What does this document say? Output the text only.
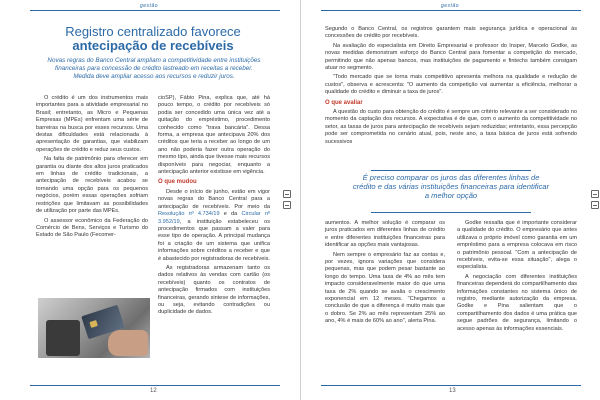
gestão
Registro centralizado favorece
antecipação de recebíveis
Novas regras do Banco Central ampliam a competitividade entre instituições financeiras para concessão de crédito lastreado em receitas a receber. Medida deve ampliar acesso aos recursos e reduzir juros.

O crédito é um dos instrumentos mais importantes para a atividade empresarial no Brasil; entretanto, as Micro e Pequenas Empresas (MPEs) enfrentam uma série de barreiras na busca por esses recursos. Uma destas dificuldades está relacionada à apresentação de garantias, que viabilizam operações de crédito e reduz seus custos.

Na falta de patrimônio para oferecer em garantia ou diante dos altos juros praticados em linhas de crédito tradicionais, a antecipação de recebíveis acabou se tornando uma opção para os pequenos negócios, porém essas operações sofriam restrições que limitavam as possibilidades de utilização por parte das MPEs.

O assessor econômico da Federação do Comércio de Bens, Serviços e Turismo do Estado de São Paulo (Fecomer-

cioSP), Fábio Pina, explica que, até há pouco tempo, o crédito por recebíveis só podia ser concedido uma única vez até a quitação do empréstimo, procedimento conhecido como "trava bancária". Dessa forma, a empresa que antecipava 20% dos créditos que teria a receber ao longo de um ano não poderia fazer outra operação do mesmo tipo, ainda que tivesse mais recursos disponíveis para negociar, enquanto a antecipação anterior existisse em vigência.

O que mudou

Desde o início de junho, estão em vigor novas regras do Banco Central para a antecipação de recebíveis. Por meio da Resolução nº 4.734/19 e da Circular nº 3.952/19, a instituição estabeleceu os procedimentos que passam a valer para esse tipo de operação. A principal mudança foi a criação de um sistema que unifica informações sobre créditos a receber e que é abastecido por registradoras de recebíveis.

As registradoras armazenam tanto os dados relativos às vendas com cartão (os recebíveis) quanto os contratos de antecipação firmados com instituições financeiras, gerando sintese de informações, ou seja, evitando contradições ou duplicidade de dados.

12
gestão

Segundo o Banco Central, os registros garantem mais segurança jurídica e operacional às concessões de crédito por recebíveis.

Na avaliação do especialista em Direito Empresarial e professor do Insper, Marcelo Godke, as novas medidas demonstram esforço do Banco Central para fomentar a competição do mercado, permitindo que não apenas bancos, mas instituições de pagamento e fintechs também consigam atuar no segmento.

"Todo mercado que se torna mais competitivo apresenta melhora na qualidade e redução de custos", observa e acrescenta: "O aumento da competição vai aumentar a eficiência, melhorar a qualidade do crédito e diminuir a taxa de juros".

O que avaliar

A questão do custo para obtenção do crédito é sempre um critério relevante a ser considerado no momento da captação dos recursos. A expectativa é de que, com o aumento da competitividade no setor, as taxas de juros para antecipação de recebíveis sejam reduzidas; entretanto, essa percepção pode ser comprometida no cenário atual, pois, neste ano, a taxa básica de juros está sofrendo sucessivos

É preciso comparar os juros das diferentes linhas de crédito e das várias instituições financeiras para identificar a melhor opção

aumentos. A melhor solução é comparar os juros praticados em diferentes linhas de crédito e entre diferentes instituições financeiras para identificar as opções mais vantajosas.

Nem sempre o empresário faz as contas e, por vezes, ignora variações que considera pequenas, mas que podem pesar bastante ao longo do tempo. Uma taxa de 4% ao mês tem impacto consideravelmente maior do que uma taxa de 2% quando se avalia o crescimento exponencial em 12 meses. "Chegamos a conclusão de que a diferença é muito mais que o dobro. Se 2% ao mês representam 25% ao ano, 4% é mais de 60% ao ano", alerta Pina.

Godke ressalta que é importante considerar a qualidade do crédito. O empresário que antes utilizava o próprio imóvel como garantia em um empréstimo para a empresa colocava em risco o patrimônio pessoal. "Com a antecipação de recebíveis, evita-se essa situação", alega o especialista.

A negociação com diferentes instituições financeiras dependerá do compartilhamento das informações constantes no sistema único de registro, mediante autorização da empresa. Godke e Pina salientam que o compartilhamento dos dados é uma prática que segue padrões de segurança, limitando o acesso apenas às informações essenciais.

13
